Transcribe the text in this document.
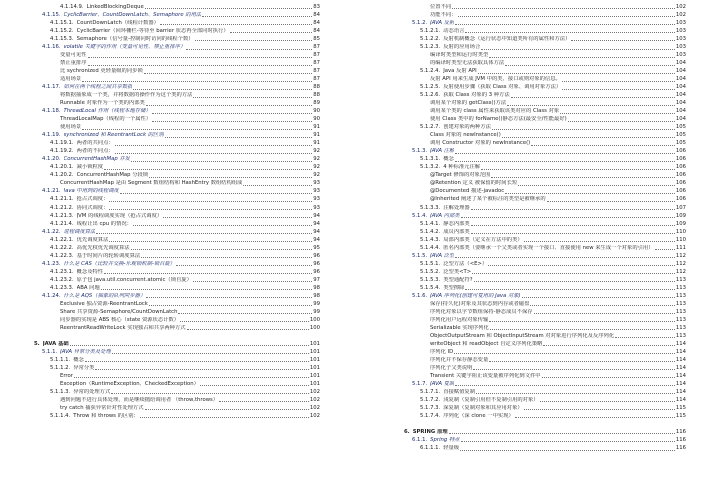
4.1.14.9. LinkedBlockingDeque	83
4.1.15. CyclicBarrier、CountDownLatch、Semaphore 的用法	84
4.1.15.1. CountDownLatch（线程计数器）	84
4.1.15.2. CyclicBarrier（回环栅栏-等待至 barrier 状态再全部同时执行）	84
4.1.15.3. Semaphore（信号量-控制同时访问的线程个数）	85
4.1.16. volatile 关键字的作用（变量可见性、禁止重排序）	87
变量可见性	87
禁止重排序	87
比 sychronized 更轻量级的同步锁	87
适用场景	87
4.1.17. 如何在两个线程之间共享数据	88
将数据抽象成一个类，并将数据的操作作为这个类的方法	88
Runnable 对象作为一个类的内部类	89
4.1.18. ThreadLocal 作用（线程本地存储）	90
ThreadLocalMap（线程的一个属性）	90
使用场景	91
4.1.19. synchronized 和 ReentrantLock 的区别	91
4.1.19.1. 两者的共同点：	91
4.1.19.2. 两者的不同点：	92
4.1.20. ConcurrentHashMap 并发	92
4.1.20.1. 减小锁粒度	92
4.1.20.2. ConcurrentHashMap 分段锁	92
ConcurrentHashMap 是由 Segment 数组结构和 HashEntry 数组结构组成	93
4.1.21. Java 中用到的线程调度	93
4.1.21.1. 抢占式调度：	93
4.1.21.2. 协同式调度：	93
4.1.21.3. JVM 的线程调度实现（抢占式调度）	94
4.1.21.4. 线程让出 cpu 的情况：	94
4.1.22. 进程调度算法	94
4.1.22.1. 优先调度算法	94
4.1.22.2. 高优先权优先调度算法	95
4.1.22.3. 基于时间片的轮转调度算法	96
4.1.23. 什么是 CAS（比较并交换-乐观锁机制-锁自旋）	96
4.1.23.1. 概念及特性	96
4.1.23.2. 原子包 java.util.concurrent.atomic（锁自旋）	97
4.1.23.3. ABA 问题	98
4.1.24. 什么是 AQS（抽象的队列同步器）	98
Exclusive 独占资源-ReentrantLock	99
Share 共享资源-Semaphore/CountDownLatch	99
同步器的实现是 ABS 核心（state 资源状态计数）	100
ReentrantReadWriteLock 实现独占和共享两种方式	100
5. JAVA 基础	101
5.1.1. JAVA 异常分类及处理	101
5.1.1.1. 概念	101
5.1.1.2. 异常分类	101
Error	101
Exception（RuntimeException、CheckedException）	101
5.1.1.3. 异常的处理方式	102
遇到问题不进行具体处理，而是继续抛给调用者 （throw,throws）	102
try catch 捕获异常针对性处理方式	102
5.1.1.4. Throw 和 throws 的区别：	102
位置不同	102
功能不同：	102
5.1.2. JAVA 反射	103
5.1.2.1. 动态语言	103
5.1.2.2. 反射机制概念（运行状态中知道类所有的属性和方法）	103
5.1.2.3. 反射的应用场合	103
编译时类型和运行时类型	103
的编译时类型无法获取具体方法	104
5.1.2.4. Java 反射 API	104
反射 API 用来生成 JVM 中的类、接口或则对象的信息。	104
5.1.2.5. 反射使用步骤（获取 Class 对象、调用对象方法）	104
5.1.2.6. 获取 Class 对象的 3 种方法	104
调用某个对象的 getClass()方法	104
调用某个类的 class 属性来获取该类对应的 Class 对象	104
使用 Class 类中的 forName()静态方法(最安全/性能最好)	104
5.1.2.7. 创建对象的两种方法	105
Class 对象的 newInstance()	105
调用 Constructor 对象的 newInstance()	105
5.1.3. JAVA 注解	106
5.1.3.1. 概念	106
5.1.3.2. 4 种标准元注解	106
@Target 修饰的对象范围	106
@Retention 定义 被保留的时间长短	106
@Documented 描述-javadoc	106
@Inherited 阐述了某个被标注的类型是被继承的	106
5.1.3.3. 注解处理器	107
5.1.4. JAVA 内部类	109
5.1.4.1. 静态内部类	109
5.1.4.2. 成员内部类	110
5.1.4.3. 局部内部类（定义在方法中的类）	110
5.1.4.4. 匿名内部类（要继承一个父类或者实现一个接口、直接使用 new 来生成一个对象的引用）	111
5.1.5. JAVA 泛型	112
5.1.5.1. 泛型方法（<E>）	112
5.1.5.2. 泛型类<T>	112
5.1.5.3. 类型通配符?	113
5.1.5.4. 类型擦除	113
5.1.6. JAVA 序列化(创建可复用的 Java 对象)	113
保存(持久化)对象及其状态到内存或者磁盘	113
序列化对象以字节数组保持-静态成员不保存	113
序列化用户远程对象传输	113
Serializable 实现序列化	113
ObjectOutputStream 和 ObjectInputStream 对对象进行序列化及反序列化	113
writeObject 和 readObject 自定义序列化策略	114
序列化 ID	114
序列化并不保存静态变量	114
序列化子父类说明	114
Transient 关键字阻止该变量被序列化到文件中	114
5.1.7. JAVA 复制	114
5.1.7.1. 直接赋值复制	114
5.1.7.2. 浅复制（复制引用但不复制引用的对象）	114
5.1.7.3. 深复制（复制对象和其应用对象）	115
5.1.7.4. 序列化（深 clone 一中实现）	115
6. SPRING 原理	116
6.1.1. Spring 特点	116
6.1.1.1. 轻量级	116
